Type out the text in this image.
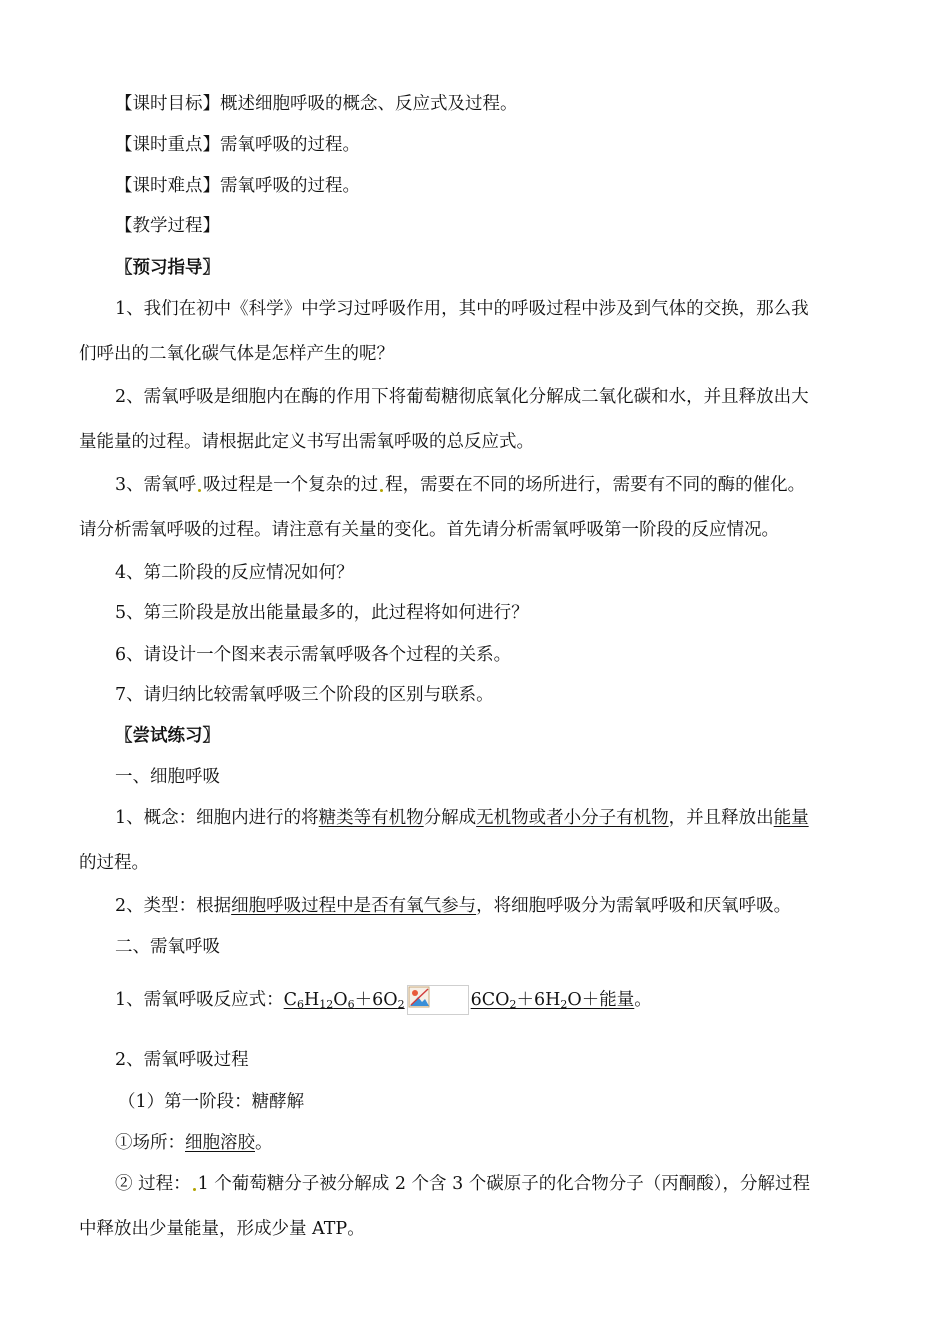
【课时目标】概述细胞呼吸的概念、反应式及过程。
【课时重点】需氧呼吸的过程。
【课时难点】需氧呼吸的过程。
【教学过程】
〖预习指导〗
1、我们在初中《科学》中学习过呼吸作用，其中的呼吸过程中涉及到气体的交换，那么我
们呼出的二氧化碳气体是怎样产生的呢？
2、需氧呼吸是细胞内在酶的作用下将葡萄糖彻底氧化分解成二氧化碳和水，并且释放出大
量能量的过程。请根据此定义书写出需氧呼吸的总反应式。
3、需氧呼 吸过程是一个复杂的过 程，需要在不同的场所进行，需要有不同的酶的催化。
请分析需氧呼吸的过程。请注意有关量的变化。首先请分析需氧呼吸第一阶段的反应情况。
4、第二阶段的反应情况如何？
5、第三阶段是放出能量最多的，此过程将如何进行？
6、请设计一个图来表示需氧呼吸各个过程的关系。
7、请归纳比较需氧呼吸三个阶段的区别与联系。
〖尝试练习〗
一、细胞呼吸
1、概念：细胞内进行的将糖类等有机物分解成无机物或者小分子有机物，并且释放出能量
的过程。
2、类型：根据细胞呼吸过程中是否有氧气参与，将细胞呼吸分为需氧呼吸和厌氧呼吸。
二、需氧呼吸
1、需氧呼吸反应式：$C_6H_{12}O_6+6O_2$	$6CO_2+6H_2O+$能量。
2、需氧呼吸过程
（1）第一阶段：糖酵解
①场所：细胞溶胶。
② 过程： 1 个葡萄糖分子被分解成 2 个含 3 个碳原子的化合物分子（丙酮酸），分解过程
中释放出少量能量，形成少量 ATP。
